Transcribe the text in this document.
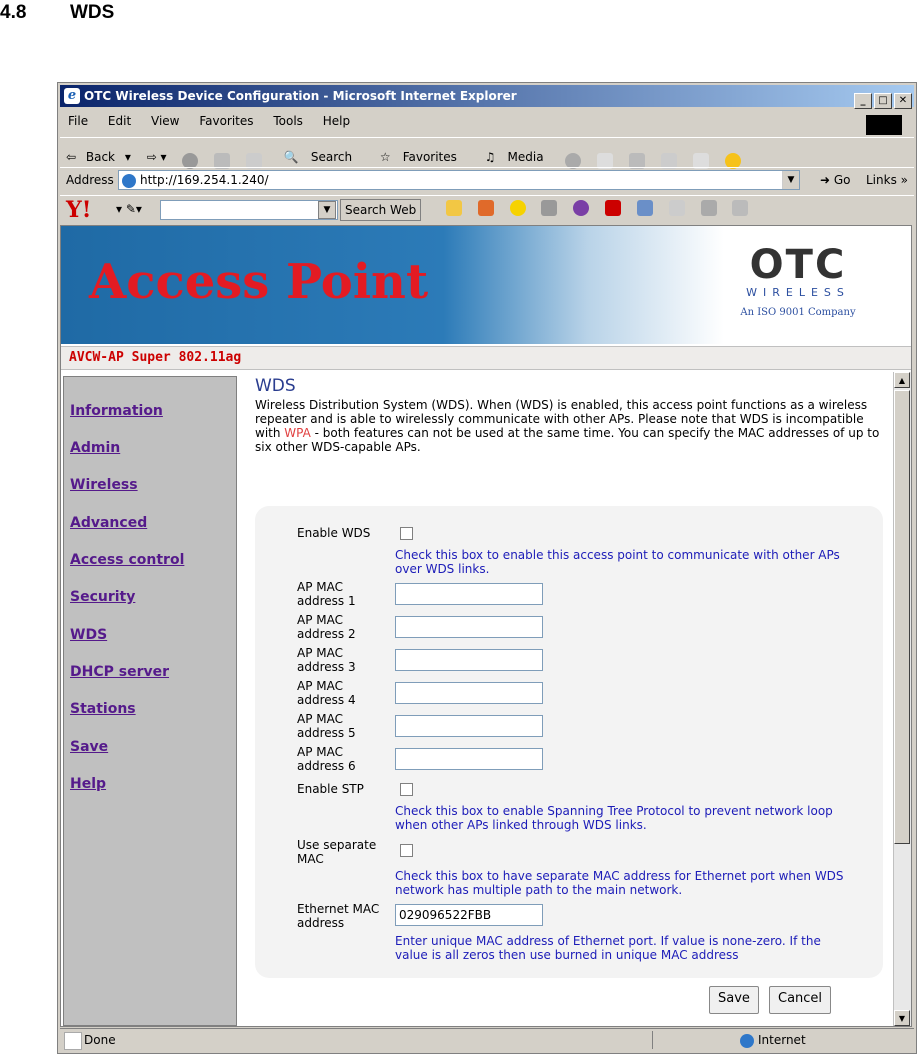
4.8 WDS
e OTC Wireless Device Configuration - Microsoft Internet Explorer	_ □ ✕
File Edit View Favorites Tools Help
⇦ Back ▾ ⇨ ▾	🔍 Search ☆ Favorites ♫ Media
Address	http://169.254.1.240/	▼	➜ Go Links »
Y! ▾ ✎▾	▼	Search Web

Access Point	OTC
WIRELESS
An ISO 9001 Company
AVCW-AP Super 802.11ag
Information
Admin
Wireless
Advanced
Access control
Security
WDS
DHCP server
Stations
Save
Help
WDS
Wireless Distribution System (WDS). When (WDS) is enabled, this access point functions as a wireless repeater and is able to wirelessly communicate with other APs. Please note that WDS is incompatible with WPA - both features can not be used at the same time. You can specify the MAC addresses of up to six other WDS-capable APs.
Enable WDS
Check this box to enable this access point to communicate with other APs over WDS links.
AP MAC address 1
AP MAC address 2
AP MAC address 3
AP MAC address 4
AP MAC address 5
AP MAC address 6
Enable STP
Check this box to enable Spanning Tree Protocol to prevent network loop when other APs linked through WDS links.
Use separate MAC
Check this box to have separate MAC address for Ethernet port when WDS network has multiple path to the main network.
Ethernet MAC address
029096522FBB
Enter unique MAC address of Ethernet port. If value is none-zero. If the value is all zeros then use burned in unique MAC address
Save	Cancel
▲
▼
Done	Internet
